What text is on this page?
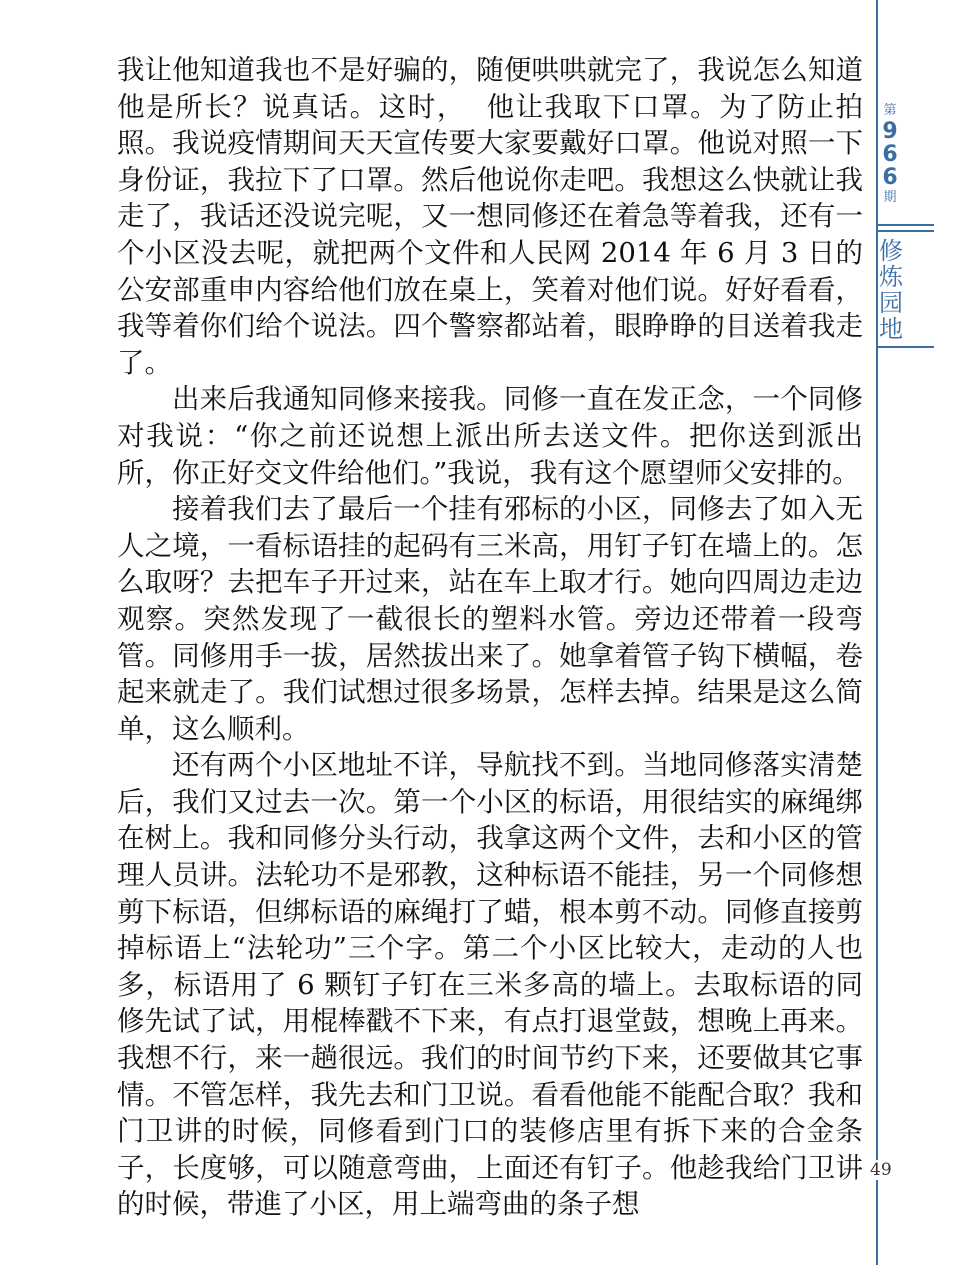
我让他知道我也不是好骗的，随便哄哄就完了，我说怎么知道他是所长？说真话。这时，  他让我取下口罩。为了防止拍照。我说疫情期间天天宣传要大家要戴好口罩。他说对照一下身份证，我拉下了口罩。然后他说你走吧。我想这么快就让我走了，我话还没说完呢，又一想同修还在着急等着我，还有一个小区没去呢，就把两个文件和人民网 2014 年 6 月 3 日的公安部重申内容给他们放在桌上，笑着对他们说。好好看看，我等着你们给个说法。四个警察都站着，眼睁睁的目送着我走了。

出来后我通知同修来接我。同修一直在发正念，一个同修对我说：“你之前还说想上派出所去送文件。把你送到派出所，你正好交文件给他们。”我说，我有这个愿望师父安排的。

接着我们去了最后一个挂有邪标的小区，同修去了如入无人之境，一看标语挂的起码有三米高，用钉子钉在墙上的。怎么取呀？去把车子开过来，站在车上取才行。她向四周边走边观察。突然发现了一截很长的塑料水管。旁边还带着一段弯管。同修用手一拔，居然拔出来了。她拿着管子钩下横幅，卷起来就走了。我们试想过很多场景，怎样去掉。结果是这么简单，这么顺利。

还有两个小区地址不详，导航找不到。当地同修落实清楚后，我们又过去一次。第一个小区的标语，用很结实的麻绳绑在树上。我和同修分头行动，我拿这两个文件，去和小区的管理人员讲。法轮功不是邪教，这种标语不能挂，另一个同修想剪下标语，但绑标语的麻绳打了蜡，根本剪不动。同修直接剪掉标语上“法轮功”三个字。第二个小区比较大，走动的人也多，标语用了 6 颗钉子钉在三米多高的墙上。去取标语的同修先试了试，用棍棒戳不下来，有点打退堂鼓，想晚上再来。我想不行，来一趟很远。我们的时间节约下来，还要做其它事情。不管怎样，我先去和门卫说。看看他能不能配合取？我和门卫讲的时候，同修看到门口的装修店里有拆下来的合金条子，长度够，可以随意弯曲，上面还有钉子。他趁我给门卫讲的时候，带進了小区，用上端弯曲的条子想

第
9
6
6
期
修
炼
园
地
49
